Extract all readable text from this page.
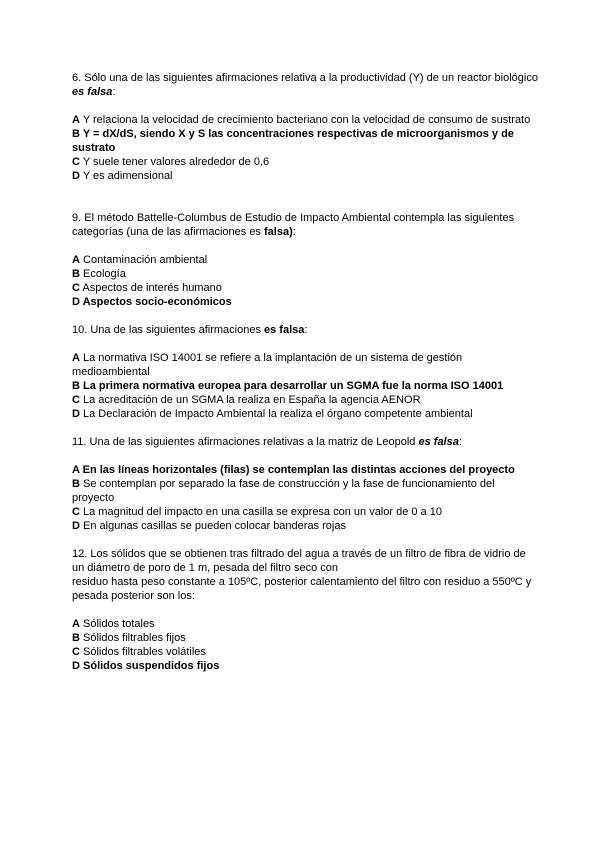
6. Sólo una de las siguientes afirmaciones relativa a la productividad (Y) de un reactor biológico es falsa:

A Y relaciona la velocidad de crecimiento bacteriano con la velocidad de consumo de sustrato

B Y = dX/dS, siendo X y S las concentraciones respectivas de microorganismos y de sustrato

C Y suele tener valores alrededor de 0,6

D Y es adimensional

9. El método Battelle-Columbus de Estudio de Impacto Ambiental contempla las siguientes categorías (una de las afirmaciones es falsa):

A Contaminación ambiental

B Ecología

C Aspectos de interés humano

D Aspectos socio-económicos

10. Una de las siguientes afirmaciones es falsa:

A La normativa ISO 14001 se refiere a la implantación de un sistema de gestión medioambiental

B La primera normativa europea para desarrollar un SGMA fue la norma ISO 14001

C La acreditación de un SGMA la realiza en España la agencia AENOR

D La Declaración de Impacto Ambiental la realiza el órgano competente ambiental

11. Una de las siguientes afirmaciones relativas a la matriz de Leopold es falsa:

A En las líneas horizontales (filas) se contemplan las distintas acciones del proyecto

B Se contemplan por separado la fase de construcción y la fase de funcionamiento del proyecto

C La magnitud del impacto en una casilla se expresa con un valor de 0 a 10

D En algunas casillas se pueden colocar banderas rojas

12. Los sólidos que se obtienen tras filtrado del agua a través de un filtro de fibra de vidrio de un diámetro de poro de 1 m, pesada del filtro seco con
residuo hasta peso constante a 105ºC, posterior calentamiento del filtro con residuo a 550ºC y pesada posterior son los:

A Sólidos totales

B Sólidos filtrables fijos

C Sólidos filtrables volátiles

D Sólidos suspendidos fijos
